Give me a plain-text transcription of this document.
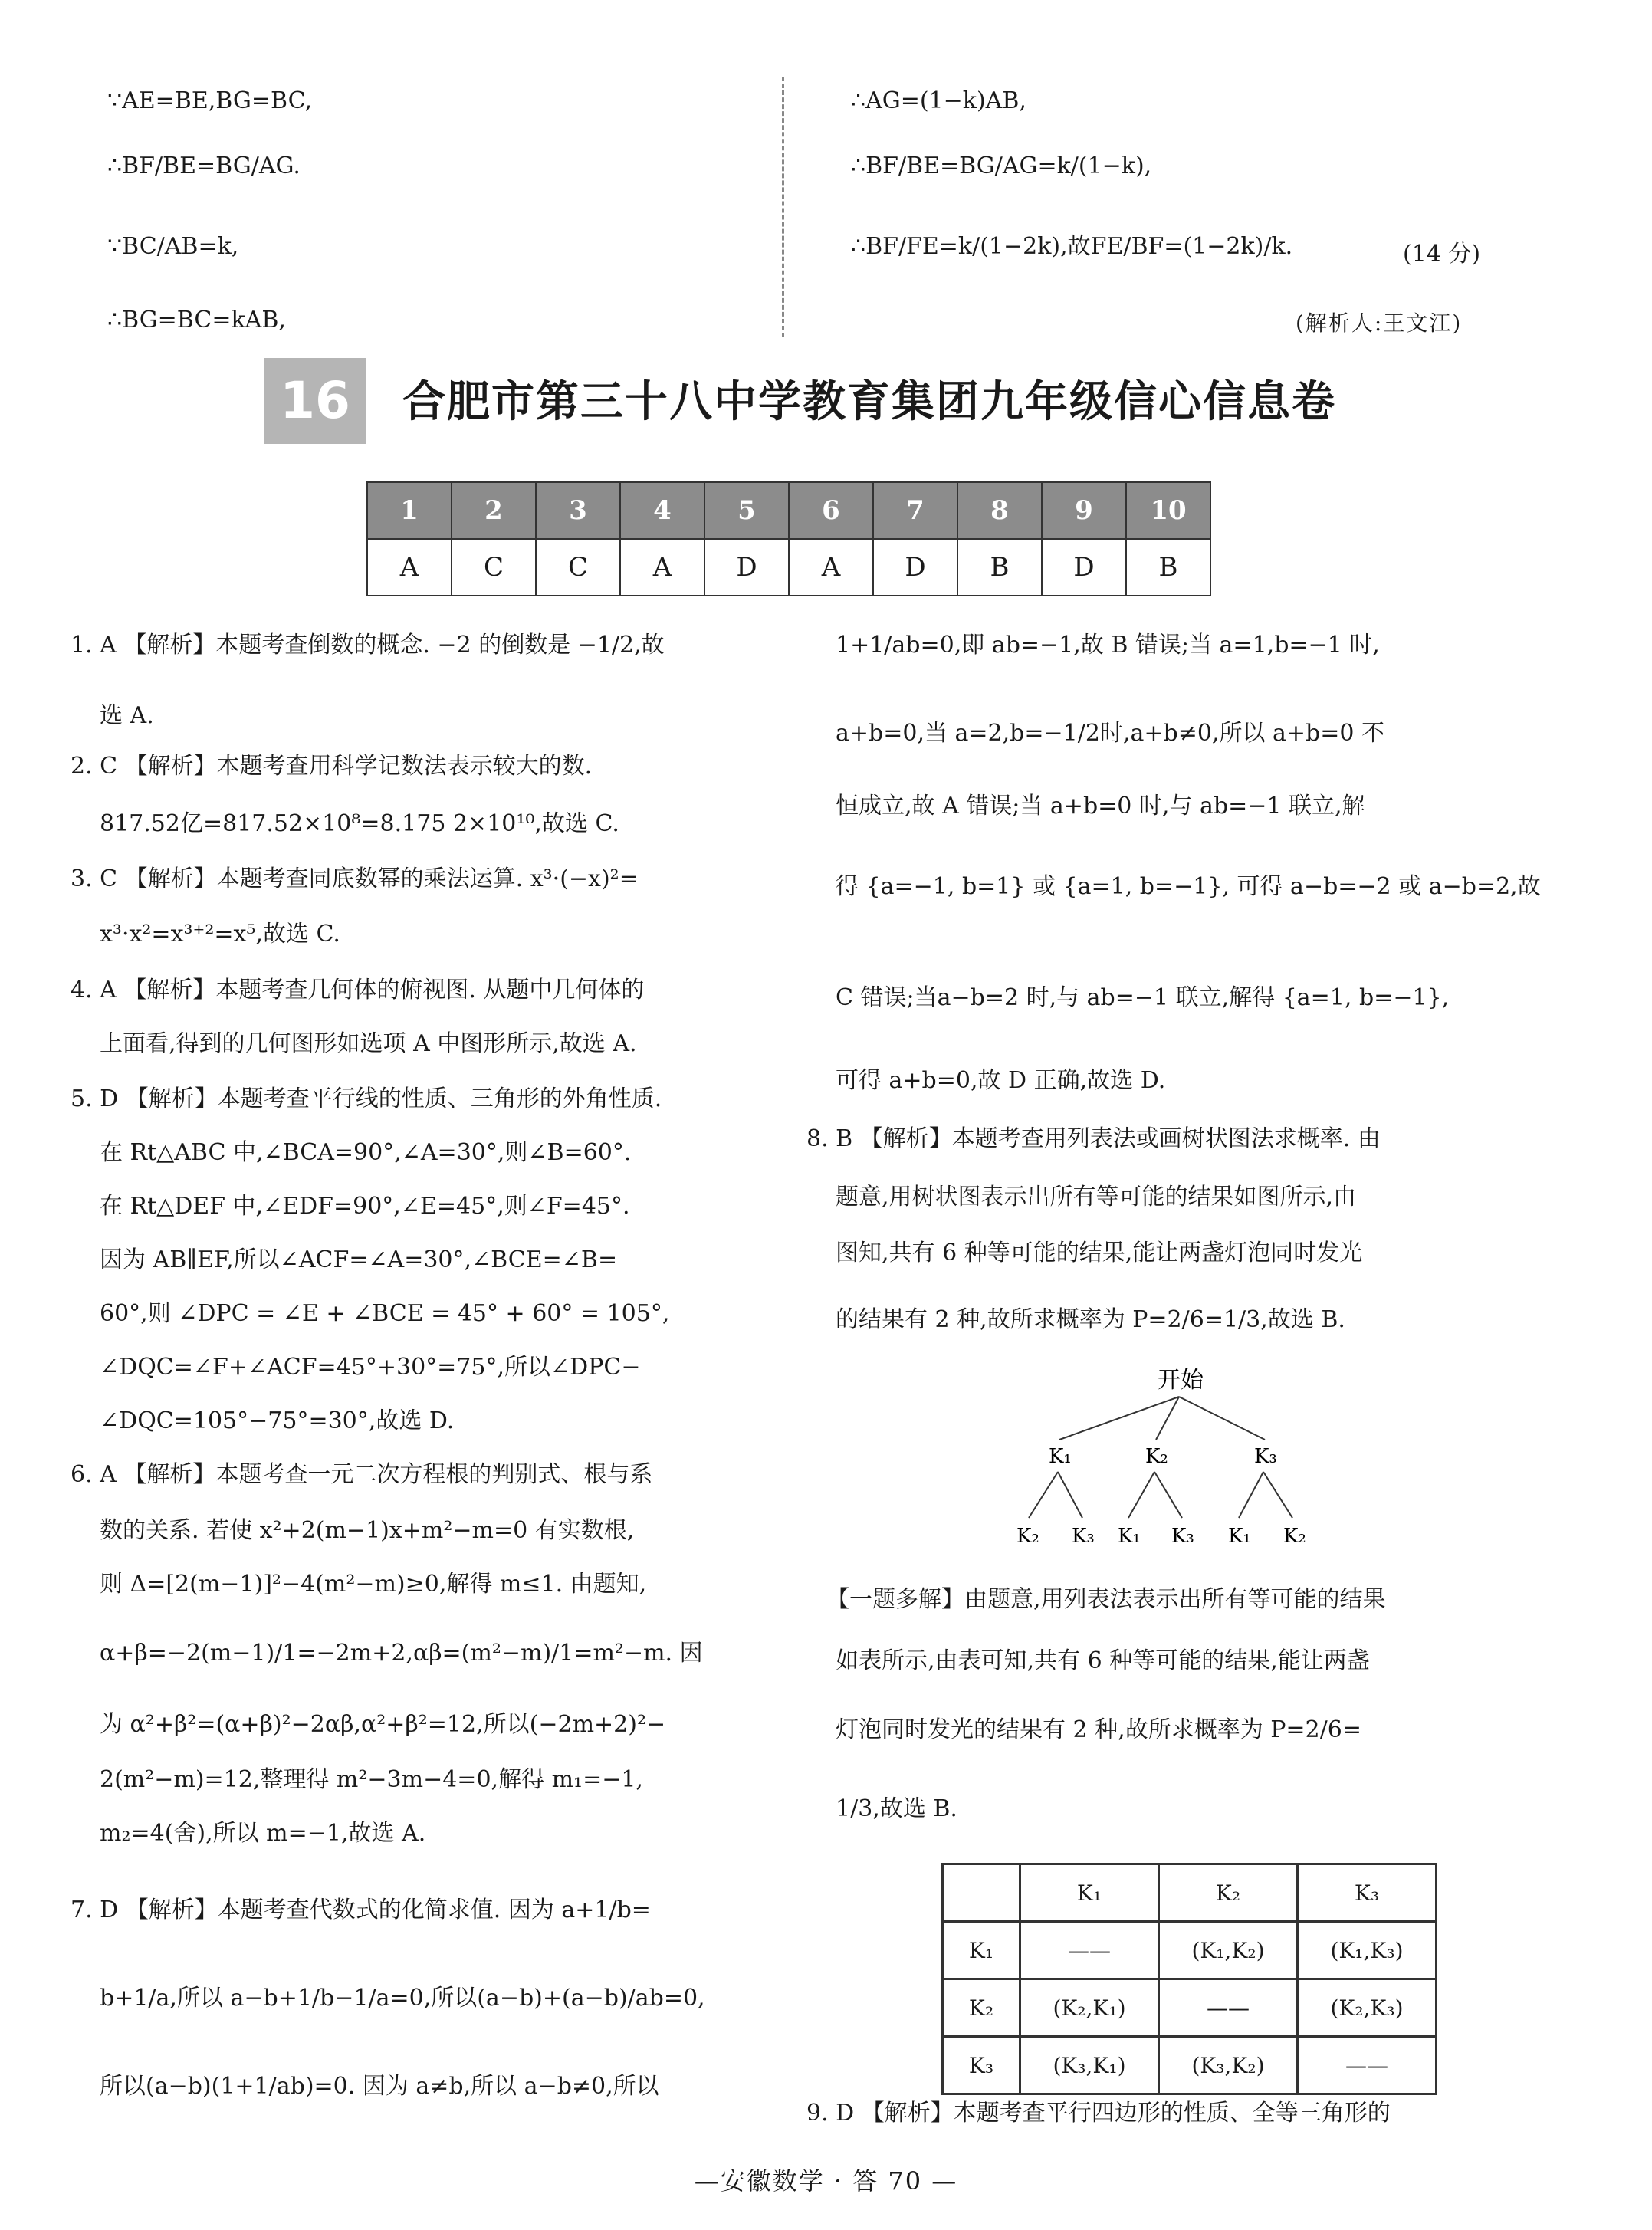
∵AE=BE,BG=BC,
∴BF/BE=BG/AG.
∵BC/AB=k,
∴BG=BC=kAB,
∴AG=(1−k)AB,
∴BF/BE=BG/AG=k/(1−k),
∴BF/FE=k/(1−2k),故FE/BF=(1−2k)/k.	(14 分)
(解析人:王文江)
16	合肥市第三十八中学教育集团九年级信心信息卷
1	2	3	4	5	6	7	8	9	10
A	C	C	A	D	A	D	B	D	B
1. A 【解析】本题考查倒数的概念. −2 的倒数是 −1/2,故
选 A.
2. C 【解析】本题考查用科学记数法表示较大的数.
817.52亿=817.52×10⁸=8.175 2×10¹⁰,故选 C.
3. C 【解析】本题考查同底数幂的乘法运算. x³·(−x)²=
x³·x²=x³⁺²=x⁵,故选 C.
4. A 【解析】本题考查几何体的俯视图. 从题中几何体的
上面看,得到的几何图形如选项 A 中图形所示,故选 A.
5. D 【解析】本题考查平行线的性质、三角形的外角性质.
在 Rt△ABC 中,∠BCA=90°,∠A=30°,则∠B=60°.
在 Rt△DEF 中,∠EDF=90°,∠E=45°,则∠F=45°.
因为 AB∥EF,所以∠ACF=∠A=30°,∠BCE=∠B=
60°,则 ∠DPC = ∠E + ∠BCE = 45° + 60° = 105°,
∠DQC=∠F+∠ACF=45°+30°=75°,所以∠DPC−
∠DQC=105°−75°=30°,故选 D.
6. A 【解析】本题考查一元二次方程根的判别式、根与系
数的关系. 若使 x²+2(m−1)x+m²−m=0 有实数根,
则 Δ=[2(m−1)]²−4(m²−m)≥0,解得 m≤1. 由题知,
α+β=−2(m−1)/1=−2m+2,αβ=(m²−m)/1=m²−m. 因
为 α²+β²=(α+β)²−2αβ,α²+β²=12,所以(−2m+2)²−
2(m²−m)=12,整理得 m²−3m−4=0,解得 m₁=−1,
m₂=4(舍),所以 m=−1,故选 A.
7. D 【解析】本题考查代数式的化简求值. 因为 a+1/b=
b+1/a,所以 a−b+1/b−1/a=0,所以(a−b)+(a−b)/ab=0,
所以(a−b)(1+1/ab)=0. 因为 a≠b,所以 a−b≠0,所以
1+1/ab=0,即 ab=−1,故 B 错误;当 a=1,b=−1 时,
a+b=0,当 a=2,b=−1/2时,a+b≠0,所以 a+b=0 不
恒成立,故 A 错误;当 a+b=0 时,与 ab=−1 联立,解
得 {a=−1, b=1} 或 {a=1, b=−1}, 可得 a−b=−2 或 a−b=2,故
C 错误;当a−b=2 时,与 ab=−1 联立,解得 {a=1, b=−1},
可得 a+b=0,故 D 正确,故选 D.
8. B 【解析】本题考查用列表法或画树状图法求概率. 由
题意,用树状图表示出所有等可能的结果如图所示,由
图知,共有 6 种等可能的结果,能让两盏灯泡同时发光
的结果有 2 种,故所求概率为 P=2/6=1/3,故选 B.
开始
K₁	K₂	K₃
K₂ K₃ K₁ K₃ K₁ K₂
【一题多解】由题意,用列表法表示出所有等可能的结果
如表所示,由表可知,共有 6 种等可能的结果,能让两盏
灯泡同时发光的结果有 2 种,故所求概率为 P=2/6=
1/3,故选 B.
	K₁	K₂	K₃
K₁	——	(K₁,K₂)	(K₁,K₃)
K₂	(K₂,K₁)	——	(K₂,K₃)
K₃	(K₃,K₁)	(K₃,K₂)	——
9. D 【解析】本题考查平行四边形的性质、全等三角形的
—安徽数学 · 答 70 —
